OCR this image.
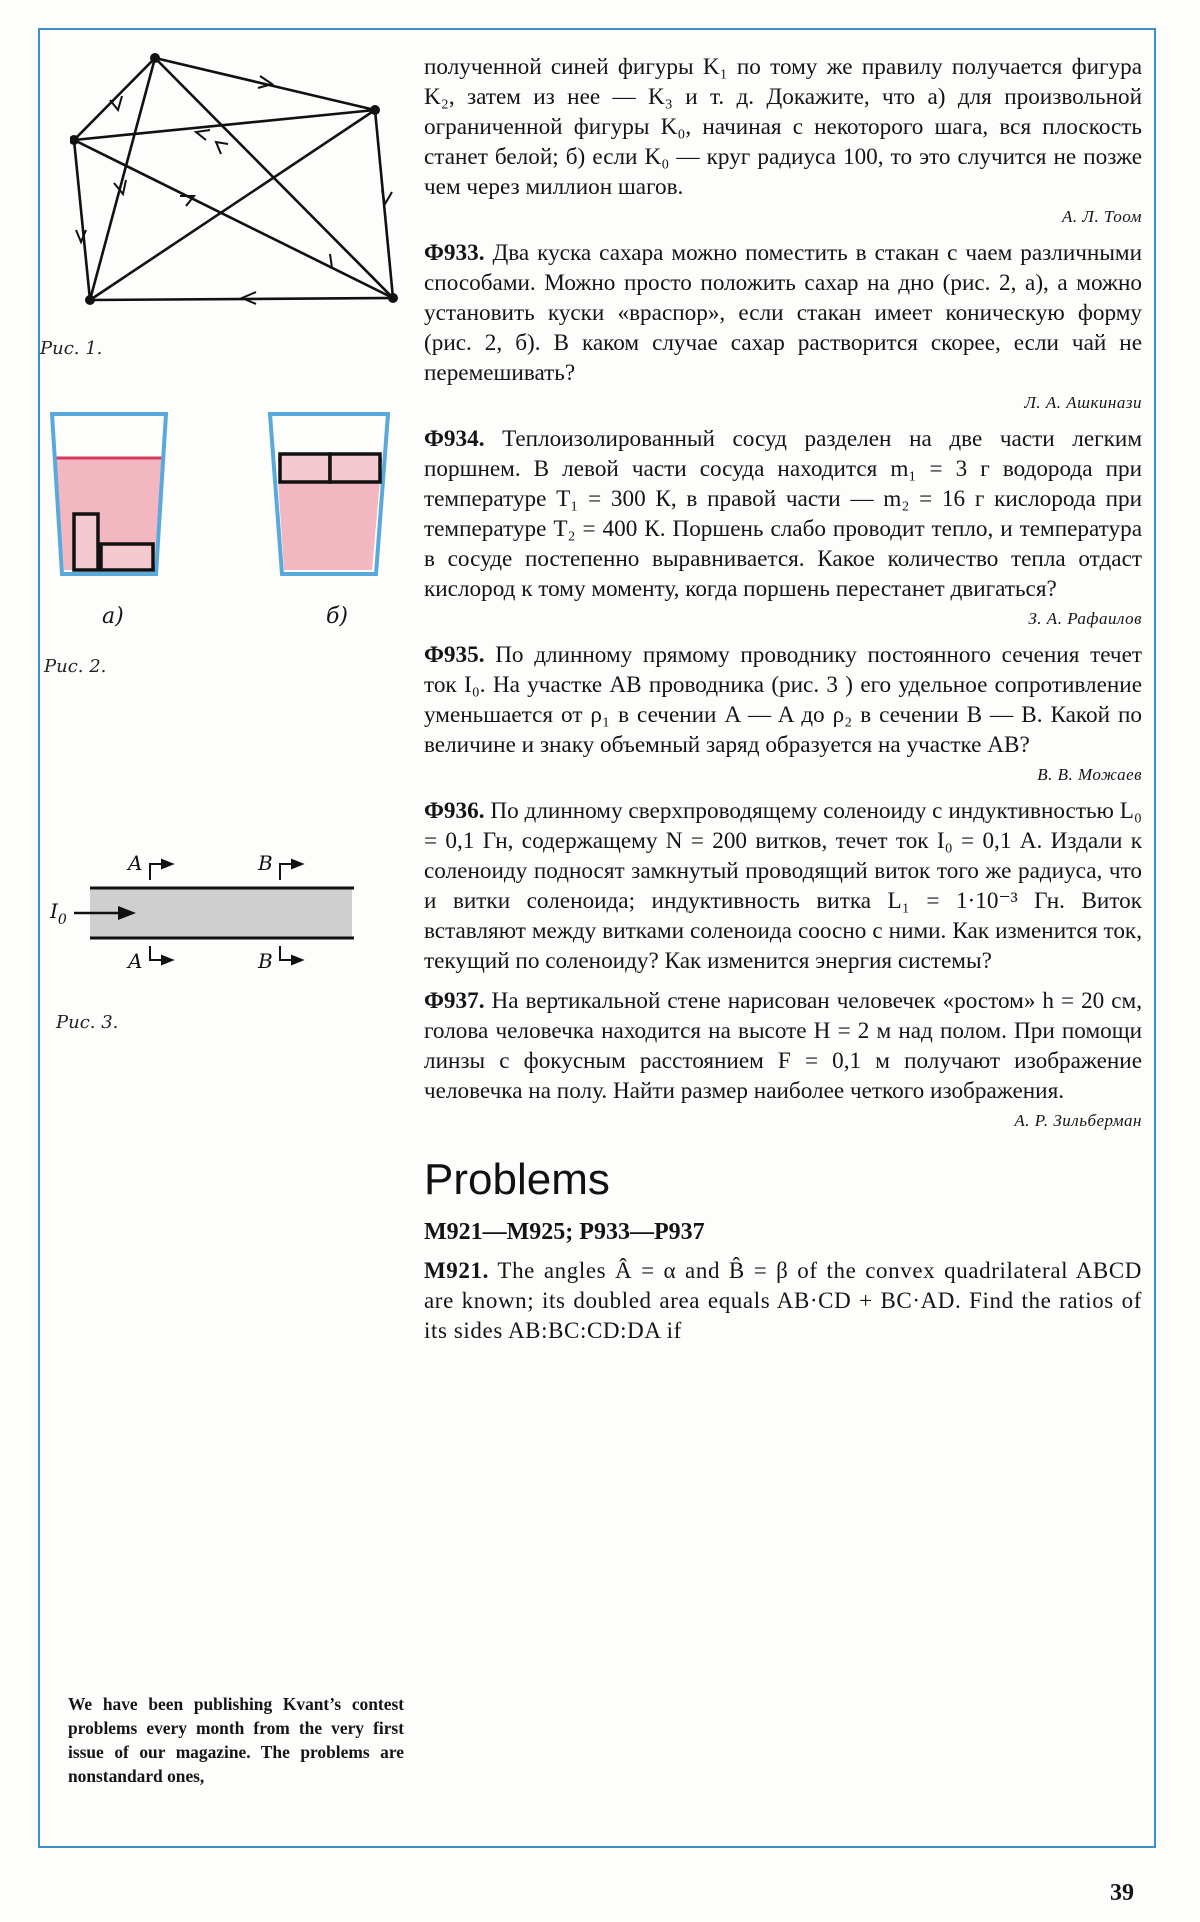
Рис. 1.
а)	б)
Рис. 2.
A	B
A	B
$I_0$
Рис. 3.

полученной синей фигуры K₁ по тому же правилу получается фигура K₂, затем из нее — K₃ и т. д. Докажите, что а) для произвольной ограниченной фигуры K₀, начиная с некоторого шага, вся плоскость станет белой; б) если K₀ — круг радиуса 100, то это случится не позже чем через миллион шагов.

А. Л. Тоом

Ф933. Два куска сахара можно поместить в стакан с чаем различными способами. Можно просто положить сахар на дно (рис. 2, а), а можно установить куски «враспор», если стакан имеет коническую форму (рис. 2, б). В каком случае сахар растворится скорее, если чай не перемешивать?

Л. А. Ашкинази

Ф934. Теплоизолированный сосуд разделен на две части легким поршнем. В левой части сосуда находится m₁ = 3 г водорода при температуре T₁ = 300 К, в правой части — m₂ = 16 г кислорода при температуре T₂ = 400 К. Поршень слабо проводит тепло, и температура в сосуде постепенно выравнивается. Какое количество тепла отдаст кислород к тому моменту, когда поршень перестанет двигаться?

З. А. Рафаилов

Ф935. По длинному прямому проводнику постоянного сечения течет ток I₀. На участке AB проводника (рис. 3 ) его удельное сопротивление уменьшается от ρ₁ в сечении A — A до ρ₂ в сечении B — B. Какой по величине и знаку объемный заряд образуется на участке AB?

В. В. Можаев

Ф936. По длинному сверхпроводящему соленоиду с индуктивностью L₀ = 0,1 Гн, содержащему N = 200 витков, течет ток I₀ = 0,1 А. Издали к соленоиду подносят замкнутый проводящий виток того же радиуса, что и витки соленоида; индуктивность витка L₁ = 1·10⁻³ Гн. Виток вставляют между витками соленоида соосно с ними. Как изменится ток, текущий по соленоиду? Как изменится энергия системы?

Ф937. На вертикальной стене нарисован человечек «ростом» h = 20 см, голова человечка находится на высоте H = 2 м над полом. При помощи линзы с фокусным расстоянием F = 0,1 м получают изображение человечка на полу. Найти размер наиболее четкого изображения.

А. Р. Зильберман
Problems
M921—M925; P933—P937

M921. The angles Â = α and B̂ = β of the convex quadrilateral ABCD are known; its doubled area equals AB·CD + BC·AD. Find the ratios of its sides AB:BC:CD:DA if

We have been publishing Kvant’s contest problems every month from the very first issue of our magazine. The problems are nonstandard ones,
39
